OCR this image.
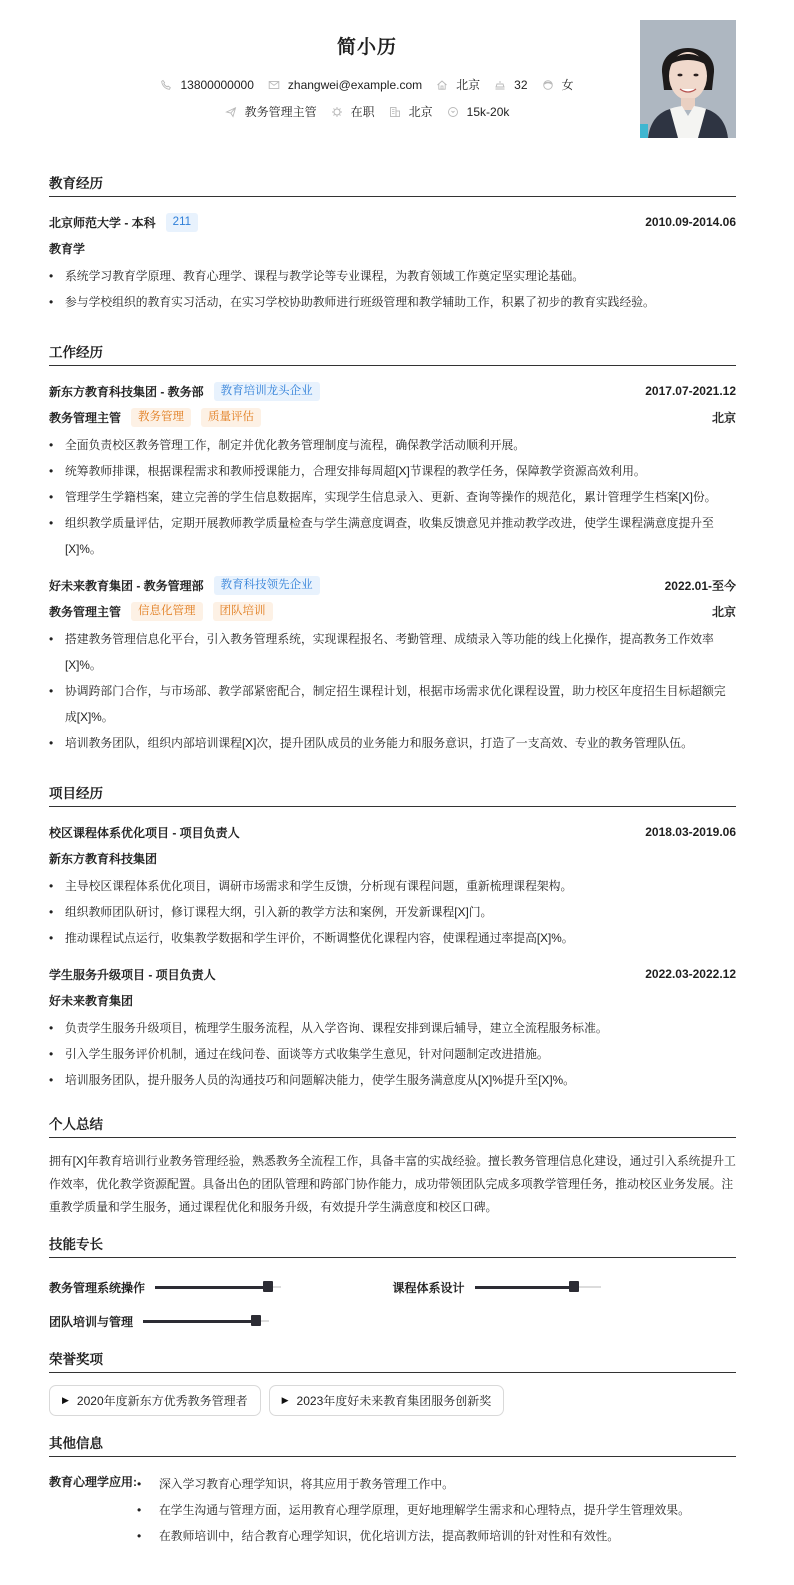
简小历
13800000000	zhangwei@example.com	北京	32	女
教务管理主管	在职	北京	15k-20k
教育经历
北京师范大学 - 本科	211	2010.09-2014.06
教育学
• 系统学习教育学原理、教育心理学、课程与教学论等专业课程，为教育领域工作奠定坚实理论基础。
• 参与学校组织的教育实习活动，在实习学校协助教师进行班级管理和教学辅助工作，积累了初步的教育实践经验。
工作经历
新东方教育科技集团 - 教务部	教育培训龙头企业	2017.07-2021.12
教务管理主管	教务管理	质量评估	北京
• 全面负责校区教务管理工作，制定并优化教务管理制度与流程，确保教学活动顺利开展。
• 统筹教师排课，根据课程需求和教师授课能力，合理安排每周超[X]节课程的教学任务，保障教学资源高效利用。
• 管理学生学籍档案，建立完善的学生信息数据库，实现学生信息录入、更新、查询等操作的规范化，累计管理学生档案[X]份。
• 组织教学质量评估，定期开展教师教学质量检查与学生满意度调查，收集反馈意见并推动教学改进，使学生课程满意度提升至[X]%。
好未来教育集团 - 教务管理部	教育科技领先企业	2022.01-至今
教务管理主管	信息化管理	团队培训	北京
• 搭建教务管理信息化平台，引入教务管理系统，实现课程报名、考勤管理、成绩录入等功能的线上化操作，提高教务工作效率[X]%。
• 协调跨部门合作，与市场部、教学部紧密配合，制定招生课程计划，根据市场需求优化课程设置，助力校区年度招生目标超额完成[X]%。
• 培训教务团队，组织内部培训课程[X]次，提升团队成员的业务能力和服务意识，打造了一支高效、专业的教务管理队伍。
项目经历
校区课程体系优化项目 - 项目负责人	2018.03-2019.06
新东方教育科技集团
• 主导校区课程体系优化项目，调研市场需求和学生反馈，分析现有课程问题，重新梳理课程架构。
• 组织教师团队研讨，修订课程大纲，引入新的教学方法和案例，开发新课程[X]门。
• 推动课程试点运行，收集教学数据和学生评价，不断调整优化课程内容，使课程通过率提高[X]%。
学生服务升级项目 - 项目负责人	2022.03-2022.12
好未来教育集团
• 负责学生服务升级项目，梳理学生服务流程，从入学咨询、课程安排到课后辅导，建立全流程服务标准。
• 引入学生服务评价机制，通过在线问卷、面谈等方式收集学生意见，针对问题制定改进措施。
• 培训服务团队，提升服务人员的沟通技巧和问题解决能力，使学生服务满意度从[X]%提升至[X]%。
个人总结

拥有[X]年教育培训行业教务管理经验，熟悉教务全流程工作，具备丰富的实战经验。擅长教务管理信息化建设，通过引入系统提升工作效率，优化教学资源配置。具备出色的团队管理和跨部门协作能力，成功带领团队完成多项教学管理任务，推动校区业务发展。注重教学质量和学生服务，通过课程优化和服务升级，有效提升学生满意度和校区口碑。

技能专长
教务管理系统操作	课程体系设计
团队培训与管理
荣誉奖项
▶ 2020年度新东方优秀教务管理者	▶ 2023年度好未来教育集团服务创新奖
其他信息
教育心理学应用:	• 深入学习教育心理学知识，将其应用于教务管理工作中。
• 在学生沟通与管理方面，运用教育心理学原理，更好地理解学生需求和心理特点，提升学生管理效果。
• 在教师培训中，结合教育心理学知识，优化培训方法，提高教师培训的针对性和有效性。
